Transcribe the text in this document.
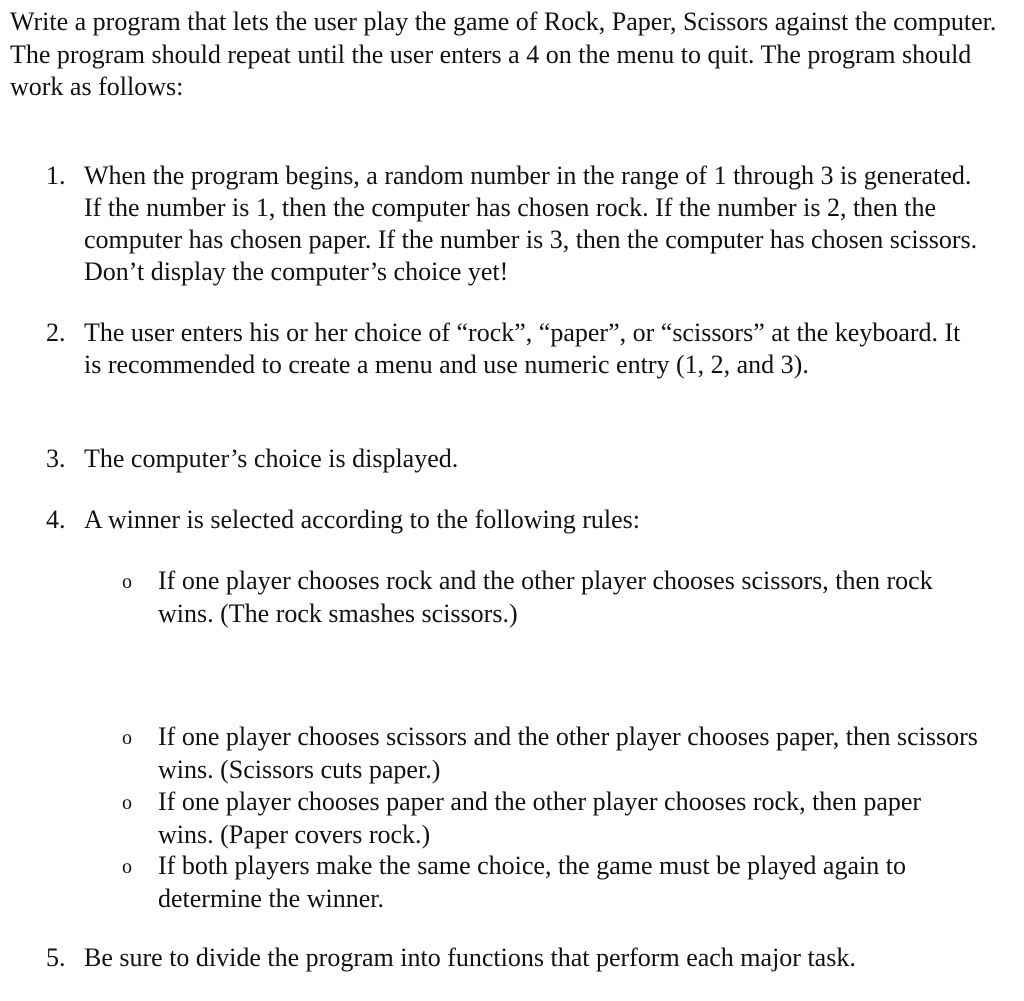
Write a program that lets the user play the game of Rock, Paper, Scissors against the computer. The program should repeat until the user enters a 4 on the menu to quit. The program should work as follows:

1. When the program begins, a random number in the range of 1 through 3 is generated. If the number is 1, then the computer has chosen rock. If the number is 2, then the computer has chosen paper. If the number is 3, then the computer has chosen scissors. Don’t display the computer’s choice yet!

2. The user enters his or her choice of “rock”, “paper”, or “scissors” at the keyboard. It is recommended to create a menu and use numeric entry (1, 2, and 3).

3. The computer’s choice is displayed.

4. A winner is selected according to the following rules:

o If one player chooses rock and the other player chooses scissors, then rock wins. (The rock smashes scissors.)

o If one player chooses scissors and the other player chooses paper, then scissors wins. (Scissors cuts paper.)

o If one player chooses paper and the other player chooses rock, then paper wins. (Paper covers rock.)

o If both players make the same choice, the game must be played again to determine the winner.

5. Be sure to divide the program into functions that perform each major task.
